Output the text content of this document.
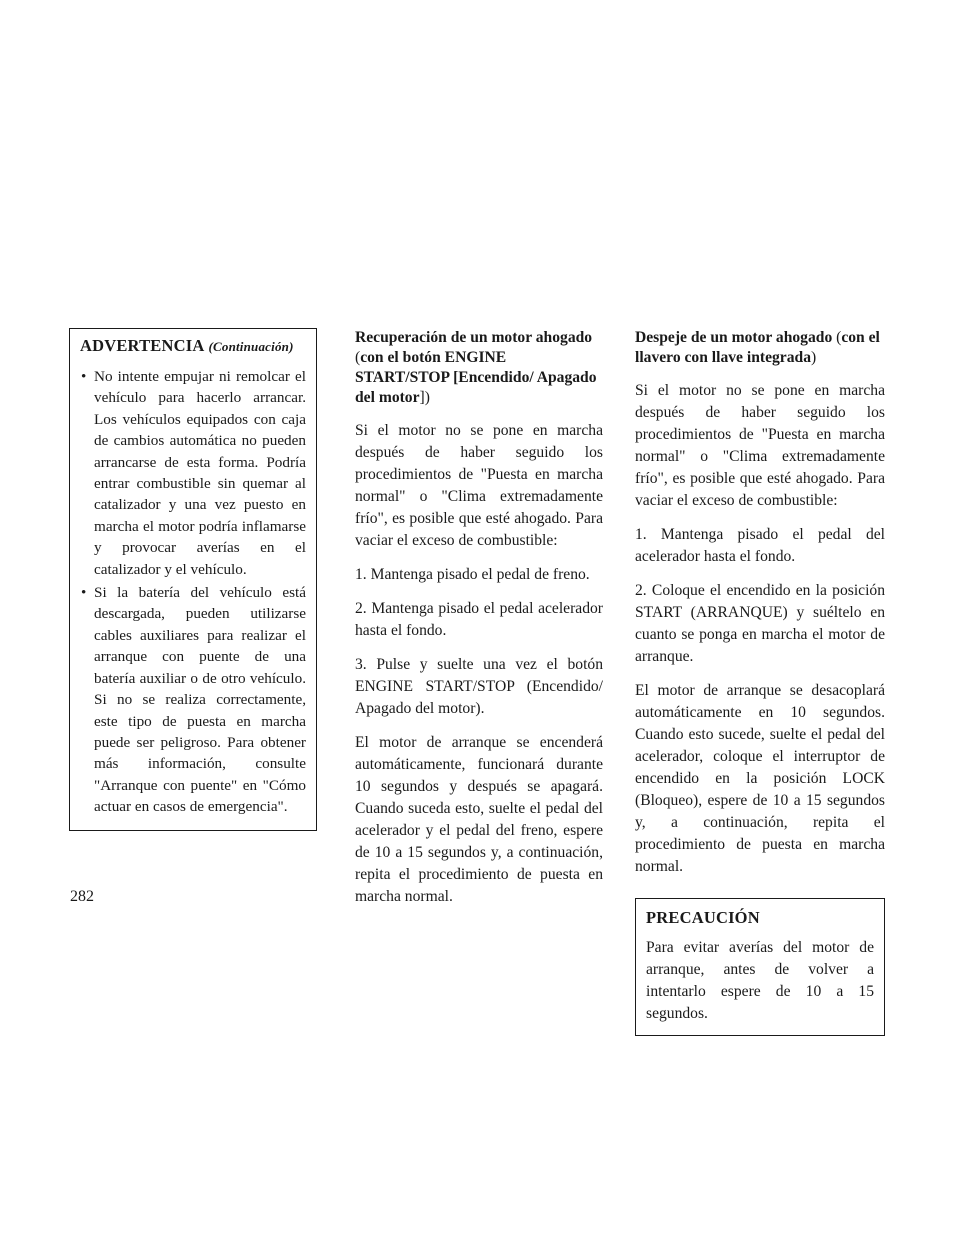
ADVERTENCIA (Continuación)
• No intente empujar ni remolcar el vehículo para hacerlo arrancar. Los vehículos equipados con caja de cambios automática no pueden arrancarse de esta forma. Podría entrar combustible sin quemar al catalizador y una vez puesto en marcha el motor podría inflamarse y provocar averías en el catalizador y el vehículo.
• Si la batería del vehículo está descargada, pueden utilizarse cables auxiliares para realizar el arranque con puente de una batería auxiliar o de otro vehículo. Si no se realiza correctamente, este tipo de puesta en marcha puede ser peligroso. Para obtener más información, consulte "Arranque con puente" en "Cómo actuar en casos de emergencia".
Recuperación de un motor ahogado (con el botón ENGINE START/STOP [Encendido/ Apagado del motor])

Si el motor no se pone en marcha después de haber seguido los procedimientos de "Puesta en marcha normal" o "Clima extremadamente frío", es posible que esté ahogado. Para vaciar el exceso de combustible:

1. Mantenga pisado el pedal de freno.

2. Mantenga pisado el pedal acelerador hasta el fondo.

3. Pulse y suelte una vez el botón ENGINE START/STOP (Encendido/ Apagado del motor).

El motor de arranque se encenderá automáticamente, funcionará durante 10 segundos y después se apagará. Cuando suceda esto, suelte el pedal del acelerador y el pedal del freno, espere de 10 a 15 segundos y, a continuación, repita el procedimiento de puesta en marcha normal.

Despeje de un motor ahogado (con el llavero con llave integrada)

Si el motor no se pone en marcha después de haber seguido los procedimientos de "Puesta en marcha normal" o "Clima extremadamente frío", es posible que esté ahogado. Para vaciar el exceso de combustible:

1. Mantenga pisado el pedal del acelerador hasta el fondo.

2. Coloque el encendido en la posición START (ARRANQUE) y suéltelo en cuanto se ponga en marcha el motor de arranque.

El motor de arranque se desacoplará automáticamente en 10 segundos. Cuando esto sucede, suelte el pedal del acelerador, coloque el interruptor de encendido en la posición LOCK (Bloqueo), espere de 10 a 15 segundos y, a continuación, repita el procedimiento de puesta en marcha normal.

PRECAUCIÓN

Para evitar averías del motor de arranque, antes de volver a intentarlo espere de 10 a 15 segundos.

282
